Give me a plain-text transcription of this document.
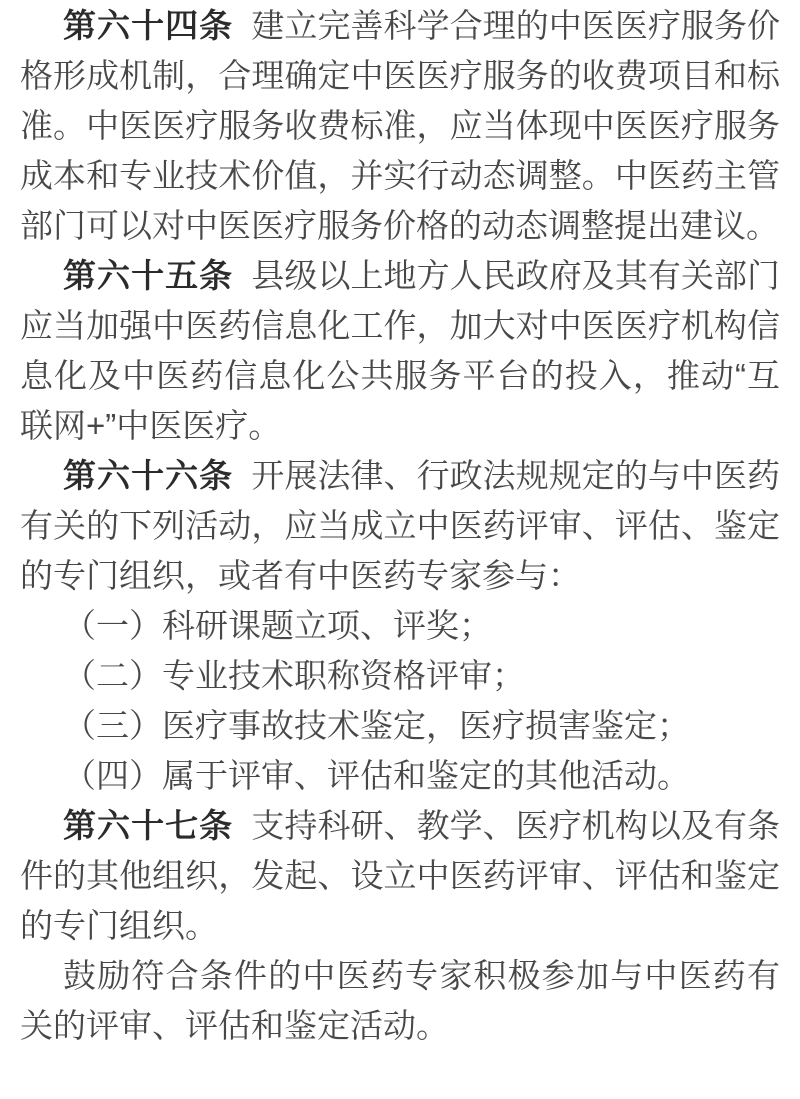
第六十四条 建立完善科学合理的中医医疗服务价格形成机制，合理确定中医医疗服务的收费项目和标准。中医医疗服务收费标准，应当体现中医医疗服务成本和专业技术价值，并实行动态调整。中医药主管部门可以对中医医疗服务价格的动态调整提出建议。

第六十五条 县级以上地方人民政府及其有关部门应当加强中医药信息化工作，加大对中医医疗机构信息化及中医药信息化公共服务平台的投入，推动“互联网+”中医医疗。

第六十六条 开展法律、行政法规规定的与中医药有关的下列活动，应当成立中医药评审、评估、鉴定的专门组织，或者有中医药专家参与：

（一）科研课题立项、评奖；

（二）专业技术职称资格评审；

（三）医疗事故技术鉴定，医疗损害鉴定；

（四）属于评审、评估和鉴定的其他活动。

第六十七条 支持科研、教学、医疗机构以及有条件的其他组织，发起、设立中医药评审、评估和鉴定的专门组织。

鼓励符合条件的中医药专家积极参加与中医药有关的评审、评估和鉴定活动。
